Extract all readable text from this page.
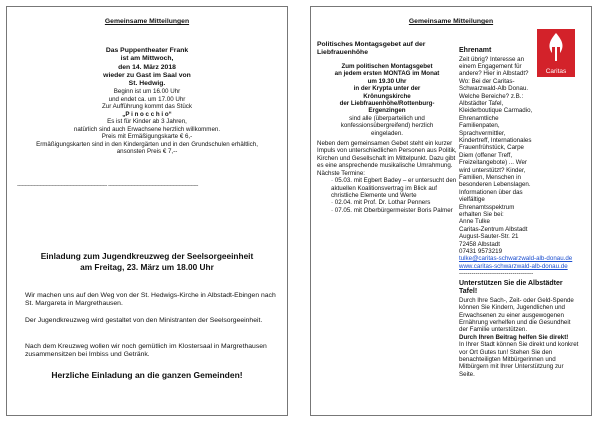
Gemeinsame Mitteilungen
Das Puppentheater Frank
ist am Mittwoch,
den 14. März 2018
wieder zu Gast im Saal von
St. Hedwig.
Beginn ist um 16.00 Uhr
und endet ca. um 17.00 Uhr
Zur Aufführung kommt das Stück
„P i n o c c h i o“
Es ist für Kinder ab 3 Jahren,
natürlich sind auch Erwachsene herzlich willkommen.
Preis mit Ermäßigungskarte € 6,-
Ermäßigungskarten sind in den Kindergärten und in den Grundschulen erhältlich,
ansonsten Preis € 7,--
------------------------------------------------------------ ------------------------------------------------------------
Einladung zum Jugendkreuzweg der Seelsorgeeinheit
am Freitag, 23. März um 18.00 Uhr

Wir machen uns auf den Weg von der St. Hedwigs-Kirche in Albstadt-Ebingen nach St. Margareta in Margrethausen.

Der Jugendkreuzweg wird gestaltet von den Ministranten der Seelsorgeeinheit.

Nach dem Kreuzweg wollen wir noch gemütlich im Klostersaal in Margrethausen zusammensitzen bei Imbiss und Getränk.

Herzliche Einladung an die ganzen Gemeinden!
Gemeinsame Mitteilungen
Caritas
Politisches Montagsgebet auf der Liebfrauenhöhe
Zum politischen Montagsgebet
an jedem ersten MONTAG im Monat
um 19.30 Uhr
in der Krypta unter der
Krönungskirche
der Liebfrauenhöhe/Rottenburg-
Ergenzingen
sind alle (überparteilich und
konfessionsübergreifend) herzlich
eingeladen.

Neben dem gemeinsamen Gebet steht ein kurzer Impuls von unterschiedlichen Personen aus Politik, Kirchen und Gesellschaft im Mittelpunkt. Dazu gibt es eine ansprechende musikalische Umrahmung.

Nächste Termine:

· 05.03. mit Egbert Badey – er untersucht den aktuellen Koalitionsvertrag im Blick auf christliche Elemente und Werte

· 02.04. mit Prof. Dr. Lothar Penners

· 07.05. mit Oberbürgermeister Boris Palmer

Ehrenamt

Zeit übrig? Interesse an einem Engagement für andere? Hier in Albstadt? Wo: Bei der Caritas-Schwarzwald-Alb Donau. Welche Bereiche? z.B.: Albstädter Tafel, Kleiderboutique Carmadio, Ehrenamtliche Familienpaten, Sprachvermittler, Kindertreff, Internationales Frauenfrühstück, Carpe Diem (offener Treff, Freizeitangebote) ... Wer wird unterstützt? Kinder, Familien, Menschen in besonderen Lebenslagen. Informationen über das vielfältige Ehrenamtsspektrum erhalten Sie bei:

Anne Tulke

Caritas-Zentrum Albstadt

August-Sauter-Str. 21

72458 Albstadt

07431 9573219

tulke@caritas-schwarzwald-alb-donau.de

www.caritas-schwarzwald-alb-donau.de

------------------------------------

Unterstützen Sie die Albstädter Tafel!

Durch Ihre Sach-, Zeit- oder Geld-Spende können Sie Kindern, Jugendlichen und Erwachsenen zu einer ausgewogenen Ernährung verhelfen und die Gesundheit der Familie unterstützen.

Durch Ihren Beitrag helfen Sie direkt!

In Ihrer Stadt können Sie direkt und konkret vor Ort Gutes tun! Stehen Sie den benachteiligten Mitbürgerinnen und Mitbürgern mit Ihrer Unterstützung zur Seite.
